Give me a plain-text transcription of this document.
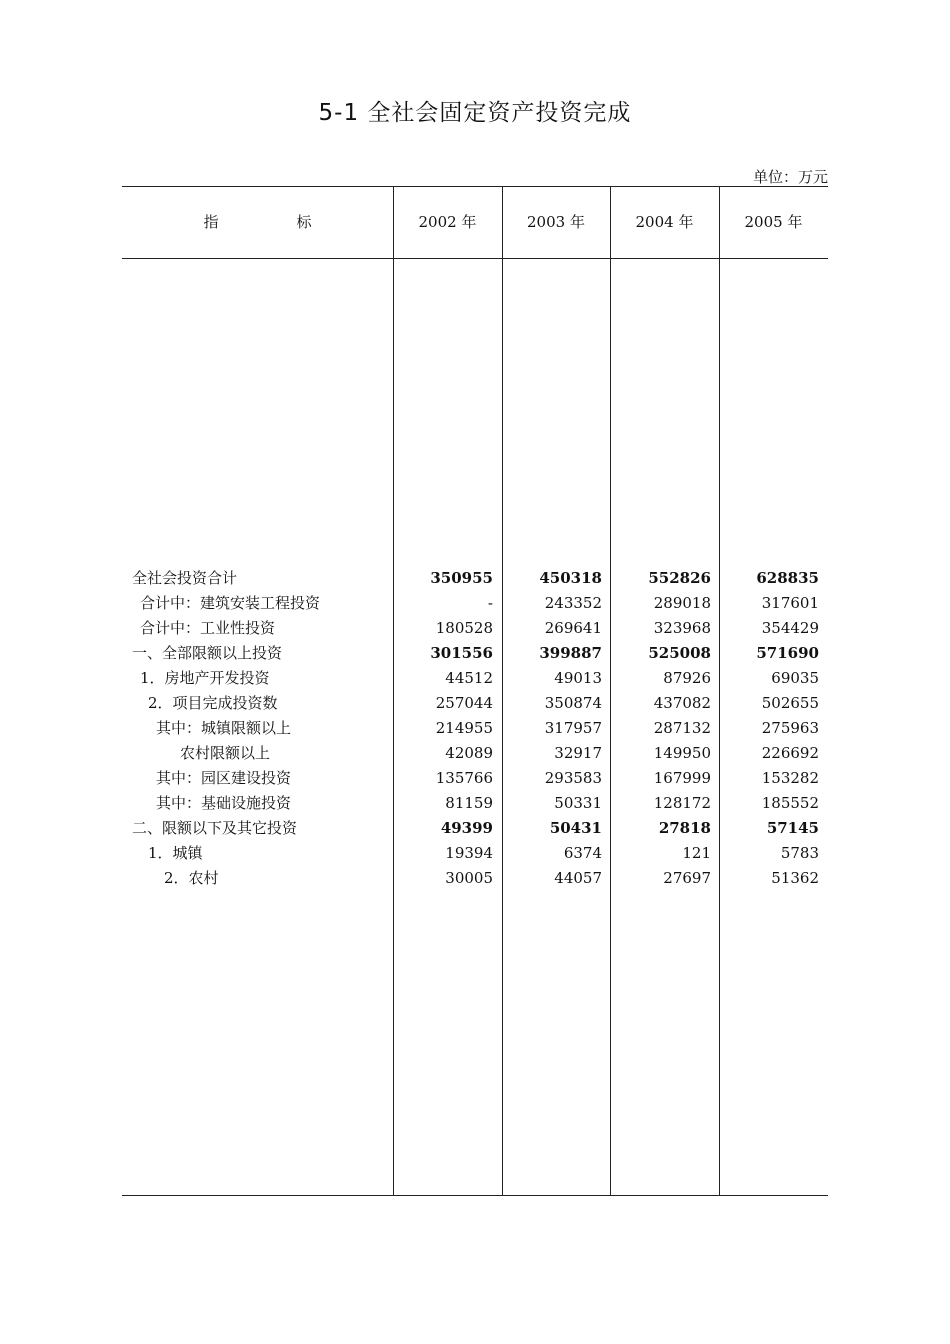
5-1 全社会固定资产投资完成
单位：万元
指	标	2002 年	2003 年	2004 年	2005 年
全社会投资合计	350955	450318	552826	628835
合计中：建筑安装工程投资	-	243352	289018	317601
合计中：工业性投资	180528	269641	323968	354429
一、全部限额以上投资	301556	399887	525008	571690
1．房地产开发投资	44512	49013	87926	69035
2．项目完成投资数	257044	350874	437082	502655
其中：城镇限额以上	214955	317957	287132	275963
农村限额以上	42089	32917	149950	226692
其中：园区建设投资	135766	293583	167999	153282
其中：基础设施投资	81159	50331	128172	185552
二、限额以下及其它投资	49399	50431	27818	57145
1．城镇	19394	6374	121	5783
2．农村	30005	44057	27697	51362
